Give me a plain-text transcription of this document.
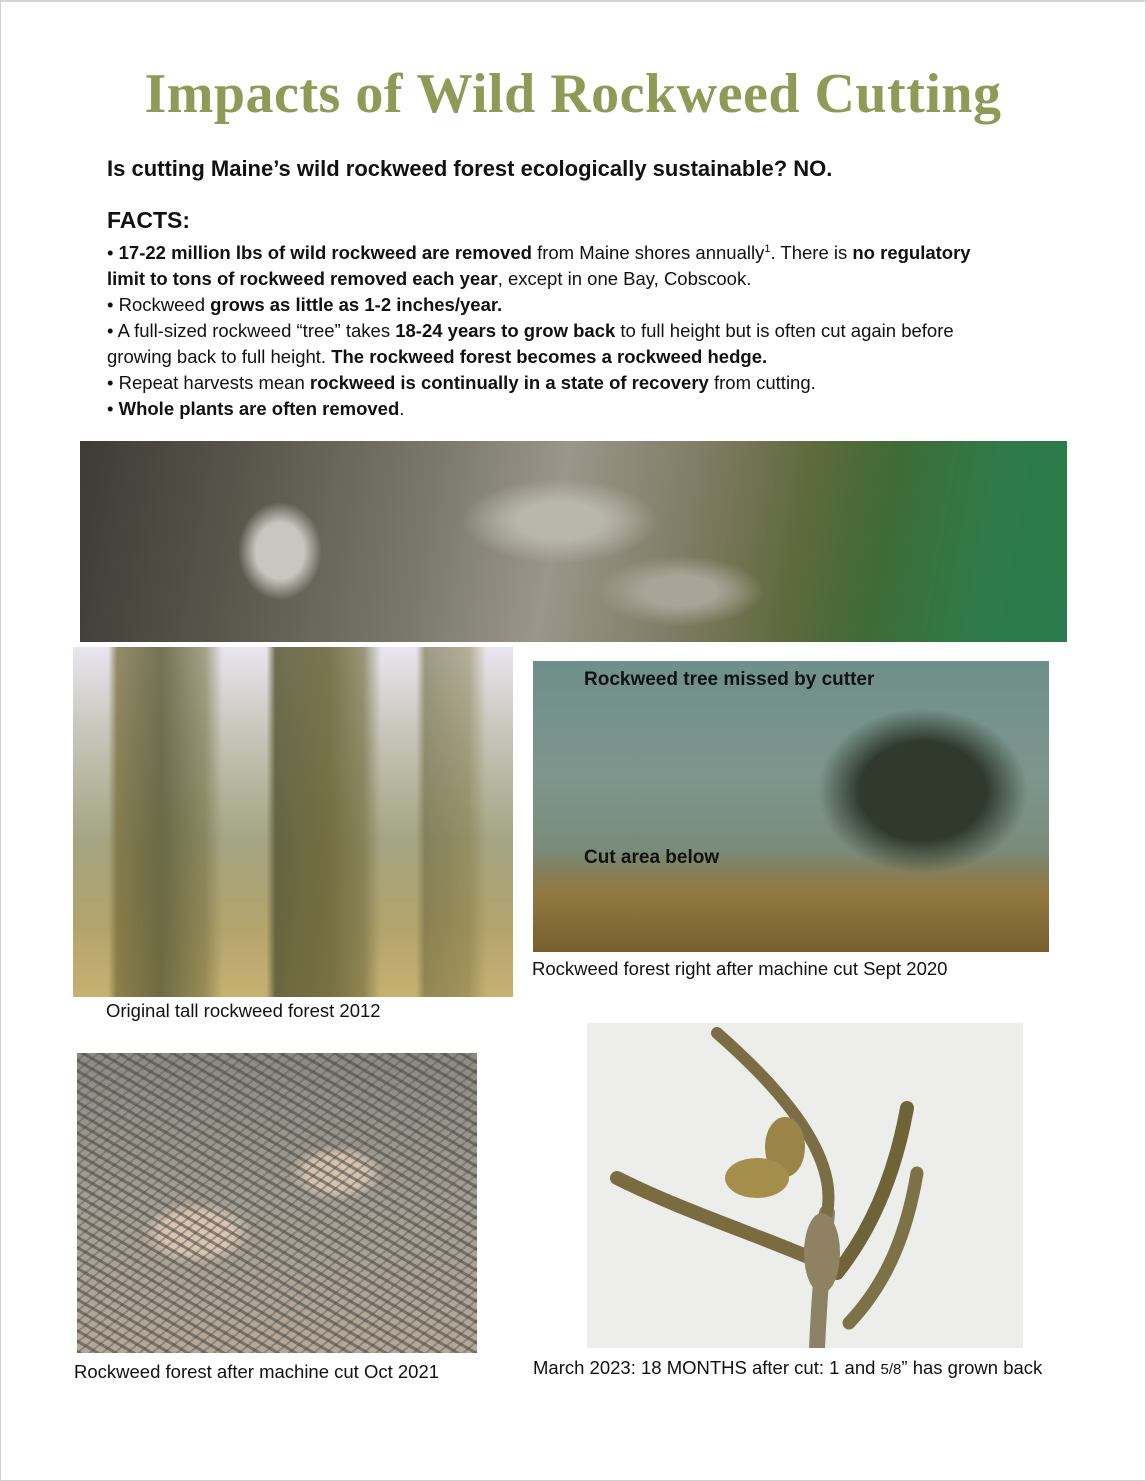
Impacts of Wild Rockweed Cutting
Is cutting Maine’s wild rockweed forest ecologically sustainable? NO.
FACTS:

• 17-22 million lbs of wild rockweed are removed from Maine shores annually$^1$. There is no regulatory limit to tons of rockweed removed each year, except in one Bay, Cobscook.

• Rockweed grows as little as 1-2 inches/year.

• A full-sized rockweed “tree” takes 18-24 years to grow back to full height but is often cut again before growing back to full height. The rockweed forest becomes a rockweed hedge.

• Repeat harvests mean rockweed is continually in a state of recovery from cutting.

• Whole plants are often removed.

Original tall rockweed forest 2012
Rockweed tree missed by cutter
Cut area below
Rockweed forest right after machine cut Sept 2020
Rockweed forest after machine cut Oct 2021	March 2023: 18 MONTHS after cut: 1 and 5/8” has grown back
